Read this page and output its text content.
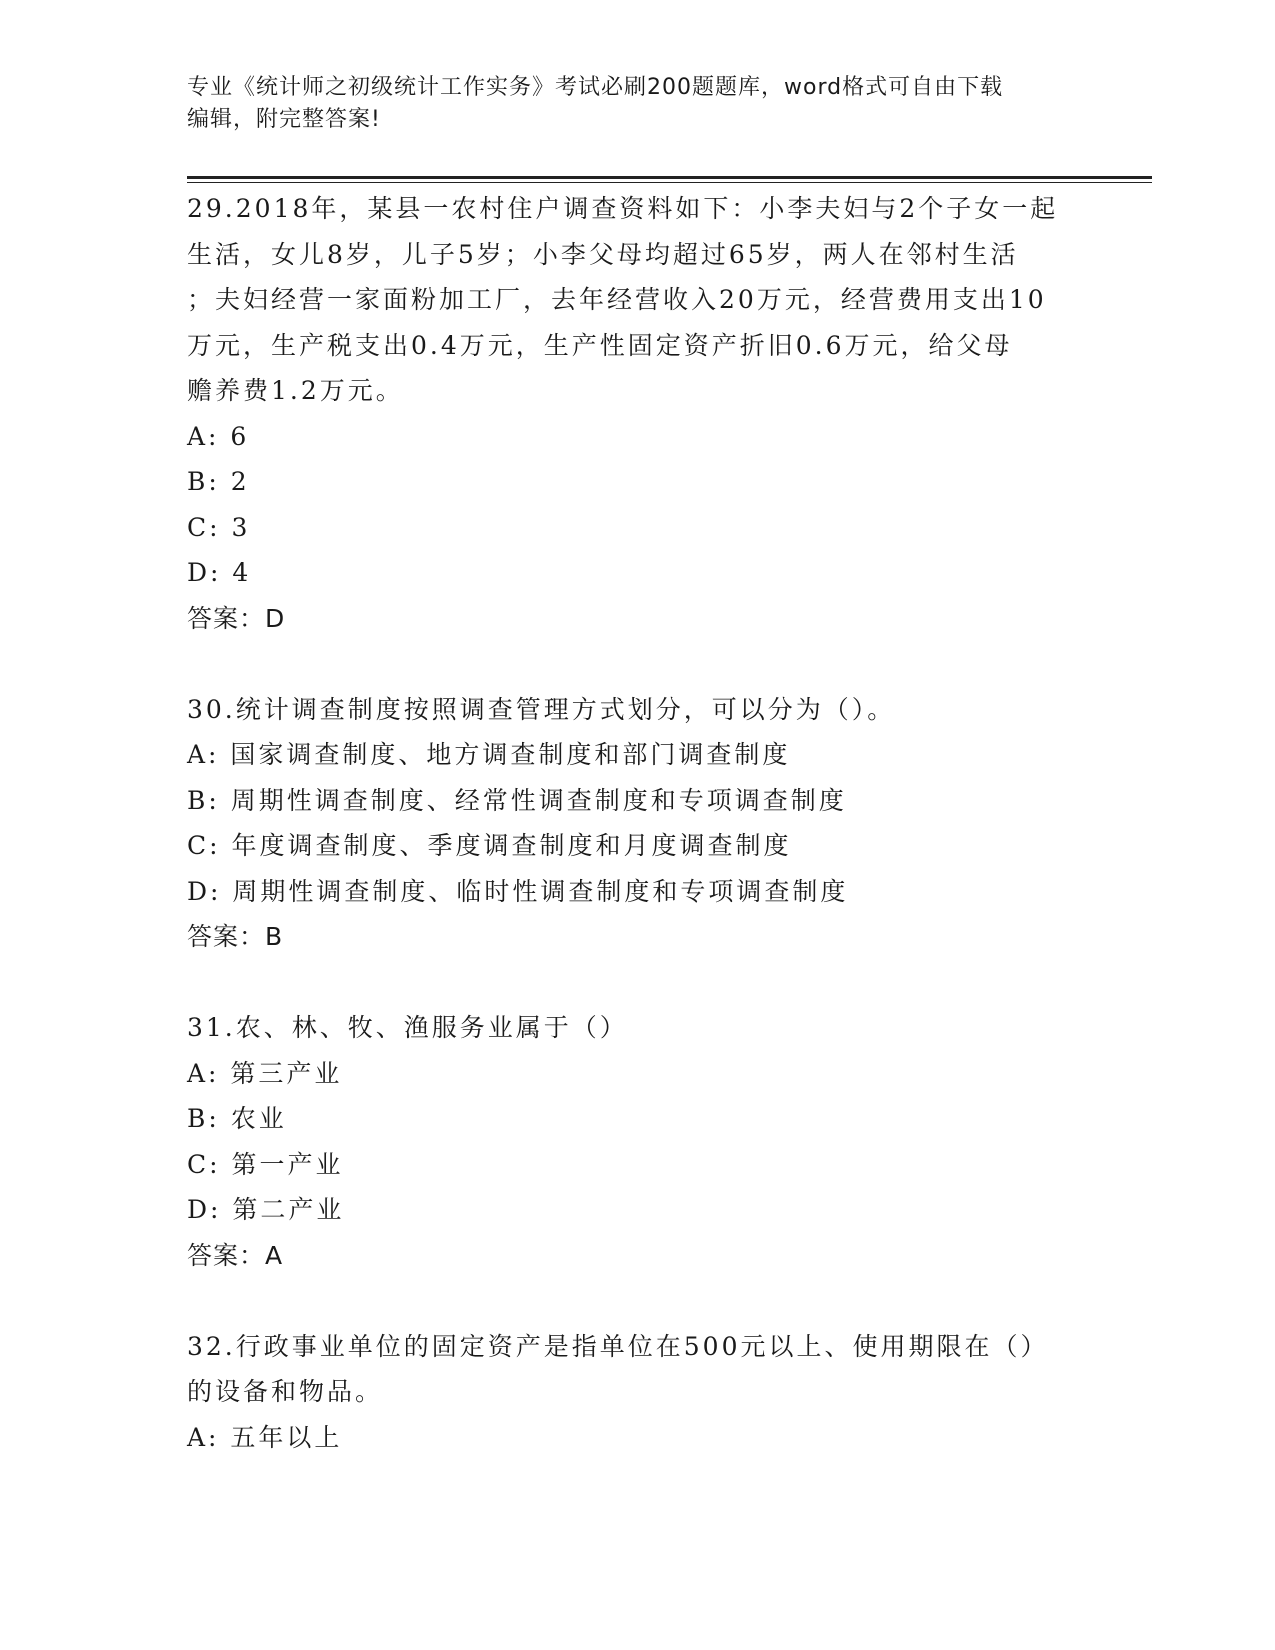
专业《统计师之初级统计工作实务》考试必刷200题题库，word格式可自由下载
编辑，附完整答案!
29.2018年，某县一农村住户调查资料如下：小李夫妇与2个子女一起
生活，女儿8岁，儿子5岁；小李父母均超过65岁，两人在邻村生活
；夫妇经营一家面粉加工厂，去年经营收入20万元，经营费用支出10
万元，生产税支出0.4万元，生产性固定资产折旧0.6万元，给父母
赡养费1.2万元。
A: 6
B: 2
C: 3
D: 4
答案：D
30.统计调查制度按照调查管理方式划分，可以分为（）。
A: 国家调查制度、地方调查制度和部门调查制度
B: 周期性调查制度、经常性调查制度和专项调查制度
C: 年度调查制度、季度调查制度和月度调查制度
D: 周期性调查制度、临时性调查制度和专项调查制度
答案：B
31.农、林、牧、渔服务业属于（）
A: 第三产业
B: 农业
C: 第一产业
D: 第二产业
答案：A
32.行政事业单位的固定资产是指单位在500元以上、使用期限在（）
的设备和物品。
A: 五年以上
